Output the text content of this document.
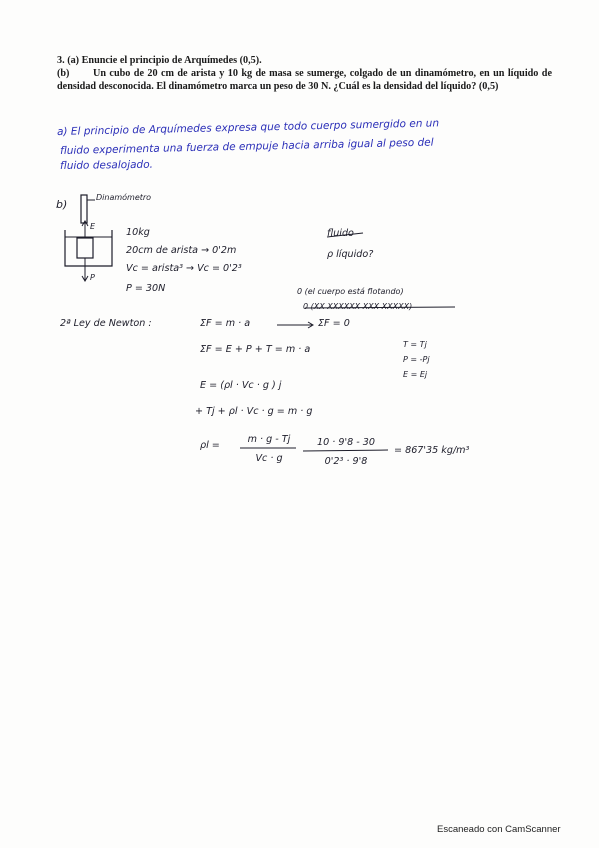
3. (a) Enuncie el principio de Arquímedes (0,5).
(b) Un cubo de 20 cm de arista y 10 kg de masa se sumerge, colgado de un dinamómetro, en un líquido de densidad desconocida. El dinamómetro marca un peso de 30 N. ¿Cuál es la densidad del líquido? (0,5)
a) El principio de Arquímedes expresa que todo cuerpo sumergido en un
fluido experimenta una fuerza de empuje hacia arriba igual al peso del
fluido desalojado.
b)
Dinamómetro
E
P
10kg
20cm de arista → 0'2m
Vc = arista³ → Vc = 0'2³
P = 30N
fluido
ρ líquido?
0 (el cuerpo está flotando)
0 (XX XXXXXX XXX XXXXX)
2ª Ley de Newton :	ΣF = m · a	ΣF = 0
ΣF = E + P + T = m · a	T = Tj
P = -Pj
E = Ej
E = (ρl · Vc · g ) j
+ Tj + ρl · Vc · g = m · g
ρl =
m · g - Tj
Vc · g
10 · 9'8 - 30
0'2³ · 9'8
= 867'35 kg/m³
Escaneado con CamScanner
